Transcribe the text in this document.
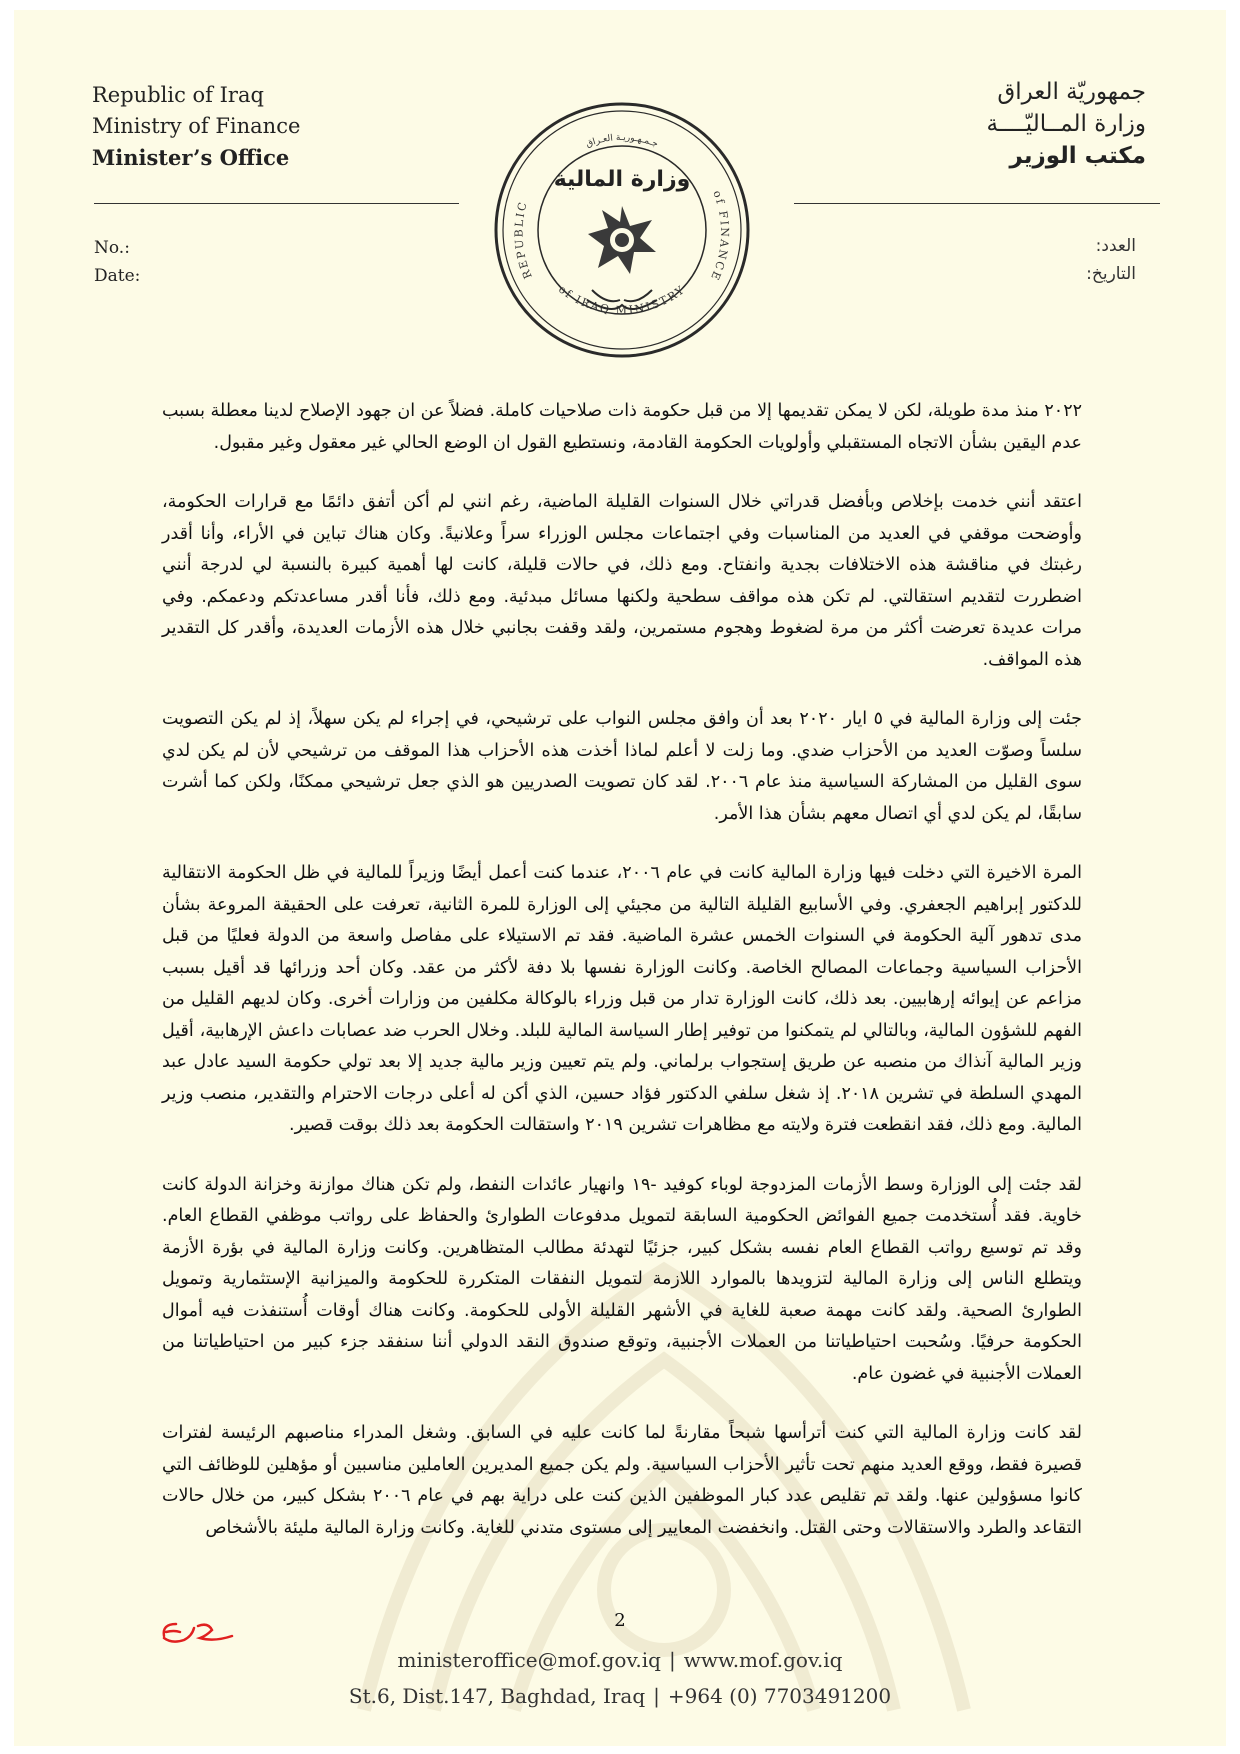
Republic of Iraq
Ministry of Finance
Minister’s Office
جمهوريّة العراق
وزارة المــاليّــــة
مكتب الوزير
جـمـهـوريـة العـراق
REPUBLIC
of IRAQ MINISTRY
of FINANCE
وزارة المالية
No.:
Date:
العدد:
التاريخ:

٢٠٢٢ منذ مدة طويلة، لكن لا يمكن تقديمها إلا من قبل حكومة ذات صلاحيات كاملة. فضلاً عن ان جهود الإصلاح لدينا معطلة بسبب عدم اليقين بشأن الاتجاه المستقبلي وأولويات الحكومة القادمة، ونستطيع القول ان الوضع الحالي غير معقول وغير مقبول.

اعتقد أنني خدمت بإخلاص وبأفضل قدراتي خلال السنوات القليلة الماضية، رغم انني لم أكن أتفق دائمًا مع قرارات الحكومة، وأوضحت موقفي في العديد من المناسبات وفي اجتماعات مجلس الوزراء سراً وعلانيةً. وكان هناك تباين في الأراء، وأنا أقدر رغبتك في مناقشة هذه الاختلافات بجدية وانفتاح. ومع ذلك، في حالات قليلة، كانت لها أهمية كبيرة بالنسبة لي لدرجة أنني اضطررت لتقديم استقالتي. لم تكن هذه مواقف سطحية ولكنها مسائل مبدئية. ومع ذلك، فأنا أقدر مساعدتكم ودعمكم. وفي مرات عديدة تعرضت أكثر من مرة لضغوط وهجوم مستمرين، ولقد وقفت بجانبي خلال هذه الأزمات العديدة، وأقدر كل التقدير هذه المواقف.

جئت إلى وزارة المالية في ٥ ايار ٢٠٢٠ بعد أن وافق مجلس النواب على ترشيحي، في إجراء لم يكن سهلاً، إذ لم يكن التصويت سلساً وصوّت العديد من الأحزاب ضدي. وما زلت لا أعلم لماذا أخذت هذه الأحزاب هذا الموقف من ترشيحي لأن لم يكن لدي سوى القليل من المشاركة السياسية منذ عام ٢٠٠٦. لقد كان تصويت الصدريين هو الذي جعل ترشيحي ممكنًا، ولكن كما أشرت سابقًا، لم يكن لدي أي اتصال معهم بشأن هذا الأمر.

المرة الاخيرة التي دخلت فيها وزارة المالية كانت في عام ٢٠٠٦، عندما كنت أعمل أيضًا وزيراً للمالية في ظل الحكومة الانتقالية للدكتور إبراهيم الجعفري. وفي الأسابيع القليلة التالية من مجيئي إلى الوزارة للمرة الثانية، تعرفت على الحقيقة المروعة بشأن مدى تدهور آلية الحكومة في السنوات الخمس عشرة الماضية. فقد تم الاستيلاء على مفاصل واسعة من الدولة فعليًا من قبل الأحزاب السياسية وجماعات المصالح الخاصة. وكانت الوزارة نفسها بلا دفة لأكثر من عقد. وكان أحد وزرائها قد أقيل بسبب مزاعم عن إيوائه إرهابيين. بعد ذلك، كانت الوزارة تدار من قبل وزراء بالوكالة مكلفين من وزارات أخرى. وكان لديهم القليل من الفهم للشؤون المالية، وبالتالي لم يتمكنوا من توفير إطار السياسة المالية للبلد. وخلال الحرب ضد عصابات داعش الإرهابية، أقيل وزير المالية آنذاك من منصبه عن طريق إستجواب برلماني. ولم يتم تعيين وزير مالية جديد إلا بعد تولي حكومة السيد عادل عبد المهدي السلطة في تشرين ٢٠١٨. إذ شغل سلفي الدكتور فؤاد حسين، الذي أكن له أعلى درجات الاحترام والتقدير، منصب وزير المالية. ومع ذلك، فقد انقطعت فترة ولايته مع مظاهرات تشرين ٢٠١٩ واستقالت الحكومة بعد ذلك بوقت قصير.

لقد جئت إلى الوزارة وسط الأزمات المزدوجة لوباء كوفيد -١٩ وانهيار عائدات النفط، ولم تكن هناك موازنة وخزانة الدولة كانت خاوية. فقد أُستخدمت جميع الفوائض الحكومية السابقة لتمويل مدفوعات الطوارئ والحفاظ على رواتب موظفي القطاع العام. وقد تم توسيع رواتب القطاع العام نفسه بشكل كبير، جزئيًا لتهدئة مطالب المتظاهرين. وكانت وزارة المالية في بؤرة الأزمة ويتطلع الناس إلى وزارة المالية لتزويدها بالموارد اللازمة لتمويل النفقات المتكررة للحكومة والميزانية الإستثمارية وتمويل الطوارئ الصحية. ولقد كانت مهمة صعبة للغاية في الأشهر القليلة الأولى للحكومة. وكانت هناك أوقات أُستنفذت فيه أموال الحكومة حرفيًا. وسُحبت احتياطياتنا من العملات الأجنبية، وتوقع صندوق النقد الدولي أننا سنفقد جزء كبير من احتياطياتنا من العملات الأجنبية في غضون عام.

لقد كانت وزارة المالية التي كنت أترأسها شبحاً مقارنةً لما كانت عليه في السابق. وشغل المدراء مناصبهم الرئيسة لفترات قصيرة فقط، ووقع العديد منهم تحت تأثير الأحزاب السياسية. ولم يكن جميع المديرين العاملين مناسبين أو مؤهلين للوظائف التي كانوا مسؤولين عنها. ولقد تم تقليص عدد كبار الموظفين الذين كنت على دراية بهم في عام ٢٠٠٦ بشكل كبير، من خلال حالات التقاعد والطرد والاستقالات وحتى القتل. وانخفضت المعايير إلى مستوى متدني للغاية. وكانت وزارة المالية مليئة بالأشخاص

2
ministeroffice@mof.gov.iq | www.mof.gov.iq
St.6, Dist.147, Baghdad, Iraq | +964 (0) 7703491200
